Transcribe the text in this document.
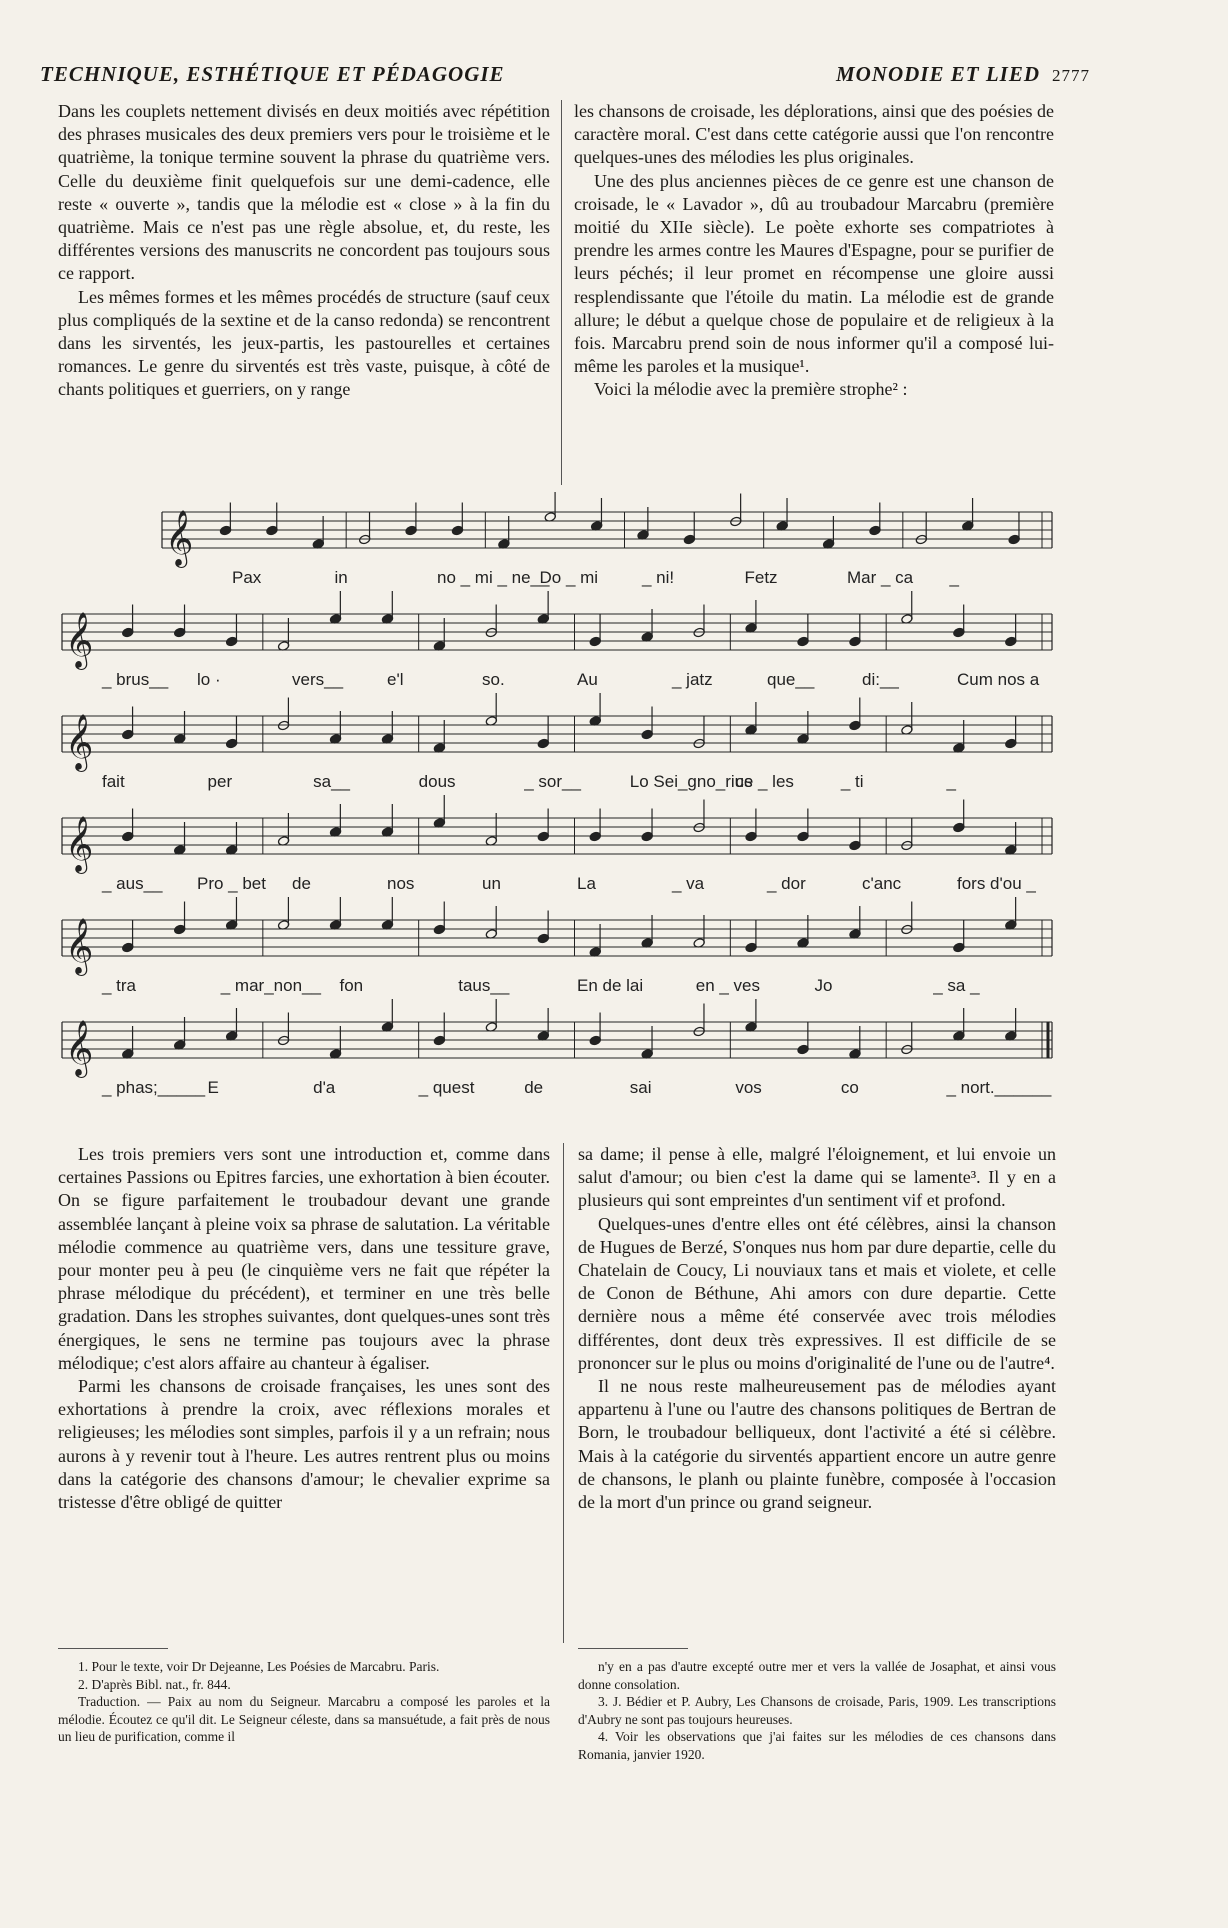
TECHNIQUE, ESTHÉTIQUE ET PÉDAGOGIE	MONODIE ET LIED 2777

Dans les couplets nettement divisés en deux moitiés avec répétition des phrases musicales des deux premiers vers pour le troisième et le quatrième, la tonique termine souvent la phrase du quatrième vers. Celle du deuxième finit quelquefois sur une demi-cadence, elle reste « ouverte », tandis que la mélodie est « close » à la fin du quatrième. Mais ce n'est pas une règle absolue, et, du reste, les différentes versions des manuscrits ne concordent pas toujours sous ce rapport.

Les mêmes formes et les mêmes procédés de structure (sauf ceux plus compliqués de la sextine et de la canso redonda) se rencontrent dans les sirventés, les jeux-partis, les pastourelles et certaines romances. Le genre du sirventés est très vaste, puisque, à côté de chants politiques et guerriers, on y range

les chansons de croisade, les déplorations, ainsi que des poésies de caractère moral. C'est dans cette catégorie aussi que l'on rencontre quelques-unes des mélodies les plus originales.

Une des plus anciennes pièces de ce genre est une chanson de croisade, le « Lavador », dû au troubadour Marcabru (première moitié du XIIe siècle). Le poète exhorte ses compatriotes à prendre les armes contre les Maures d'Espagne, pour se purifier de leurs péchés; il leur promet en récompense une gloire aussi resplendissante que l'étoile du matin. La mélodie est de grande allure; le début a quelque chose de populaire et de religieux à la fois. Marcabru prend soin de nous informer qu'il a composé lui-même les paroles et la musique¹.

Voici la mélodie avec la première strophe² :

𝄞
Pax	in	no _ mi _ ne__
Do _ mi	_ ni!	Fetz	Mar _ ca _
𝄞
_ brus__ lo ·	vers__	e'l	so.	Au	_ jatz	que__	di:__	Cum nos a
𝄞
fait	per	sa__	dous	_ sor__	Lo Sei_gno_rius
ce _ les	_ ti	_
𝄞
_ aus__ Pro _ bet de	nos	un	La	_ va	_ dor	c'anc	fors d'ou _
𝄞
_ tra	_ mar_non__ fon	taus__	En de lai	en _ ves	Jo	_ sa _
𝄞
_ phas;_____ E	d'a	_ quest	de	sai	vos	co	_ nort.______

Les trois premiers vers sont une introduction et, comme dans certaines Passions ou Epitres farcies, une exhortation à bien écouter. On se figure parfaitement le troubadour devant une grande assemblée lançant à pleine voix sa phrase de salutation. La véritable mélodie commence au quatrième vers, dans une tessiture grave, pour monter peu à peu (le cinquième vers ne fait que répéter la phrase mélodique du précédent), et terminer en une très belle gradation. Dans les strophes suivantes, dont quelques-unes sont très énergiques, le sens ne termine pas toujours avec la phrase mélodique; c'est alors affaire au chanteur à égaliser.

Parmi les chansons de croisade françaises, les unes sont des exhortations à prendre la croix, avec réflexions morales et religieuses; les mélodies sont simples, parfois il y a un refrain; nous aurons à y revenir tout à l'heure. Les autres rentrent plus ou moins dans la catégorie des chansons d'amour; le chevalier exprime sa tristesse d'être obligé de quitter

sa dame; il pense à elle, malgré l'éloignement, et lui envoie un salut d'amour; ou bien c'est la dame qui se lamente³. Il y en a plusieurs qui sont empreintes d'un sentiment vif et profond.

Quelques-unes d'entre elles ont été célèbres, ainsi la chanson de Hugues de Berzé, S'onques nus hom par dure departie, celle du Chatelain de Coucy, Li nouviaux tans et mais et violete, et celle de Conon de Béthune, Ahi amors con dure departie. Cette dernière nous a même été conservée avec trois mélodies différentes, dont deux très expressives. Il est difficile de se prononcer sur le plus ou moins d'originalité de l'une ou de l'autre⁴.

Il ne nous reste malheureusement pas de mélodies ayant appartenu à l'une ou l'autre des chansons politiques de Bertran de Born, le troubadour belliqueux, dont l'activité a été si célèbre. Mais à la catégorie du sirventés appartient encore un autre genre de chansons, le planh ou plainte funèbre, composée à l'occasion de la mort d'un prince ou grand seigneur.

1. Pour le texte, voir Dr Dejeanne, Les Poésies de Marcabru. Paris.

2. D'après Bibl. nat., fr. 844.

Traduction. — Paix au nom du Seigneur. Marcabru a composé les paroles et la mélodie. Écoutez ce qu'il dit. Le Seigneur céleste, dans sa mansuétude, a fait près de nous un lieu de purification, comme il

n'y en a pas d'autre excepté outre mer et vers la vallée de Josaphat, et ainsi vous donne consolation.

3. J. Bédier et P. Aubry, Les Chansons de croisade, Paris, 1909. Les transcriptions d'Aubry ne sont pas toujours heureuses.

4. Voir les observations que j'ai faites sur les mélodies de ces chansons dans Romania, janvier 1920.
